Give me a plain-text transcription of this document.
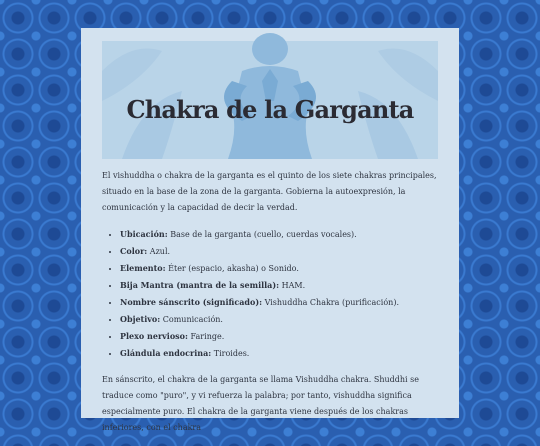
Chakra de la Garganta

El vishuddha o chakra de la garganta es el quinto de los siete chakras principales, situado en la base de la zona de la garganta. Gobierna la autoexpresión, la comunicación y la capacidad de decir la verdad.

• Ubicación: Base de la garganta (cuello, cuerdas vocales).
• Color: Azul.
• Elemento: Éter (espacio, akasha) o Sonido.
• Bija Mantra (mantra de la semilla): HAM.
• Nombre sánscrito (significado): Vishuddha Chakra (purificación).
• Objetivo: Comunicación.
• Plexo nervioso: Faringe.
• Glándula endocrina: Tiroides.

En sánscrito, el chakra de la garganta se llama Vishuddha chakra. Shuddhi se traduce como "puro", y vi refuerza la palabra; por tanto, vishuddha significa especialmente puro. El chakra de la garganta viene después de los chakras inferiores, con el chakra
